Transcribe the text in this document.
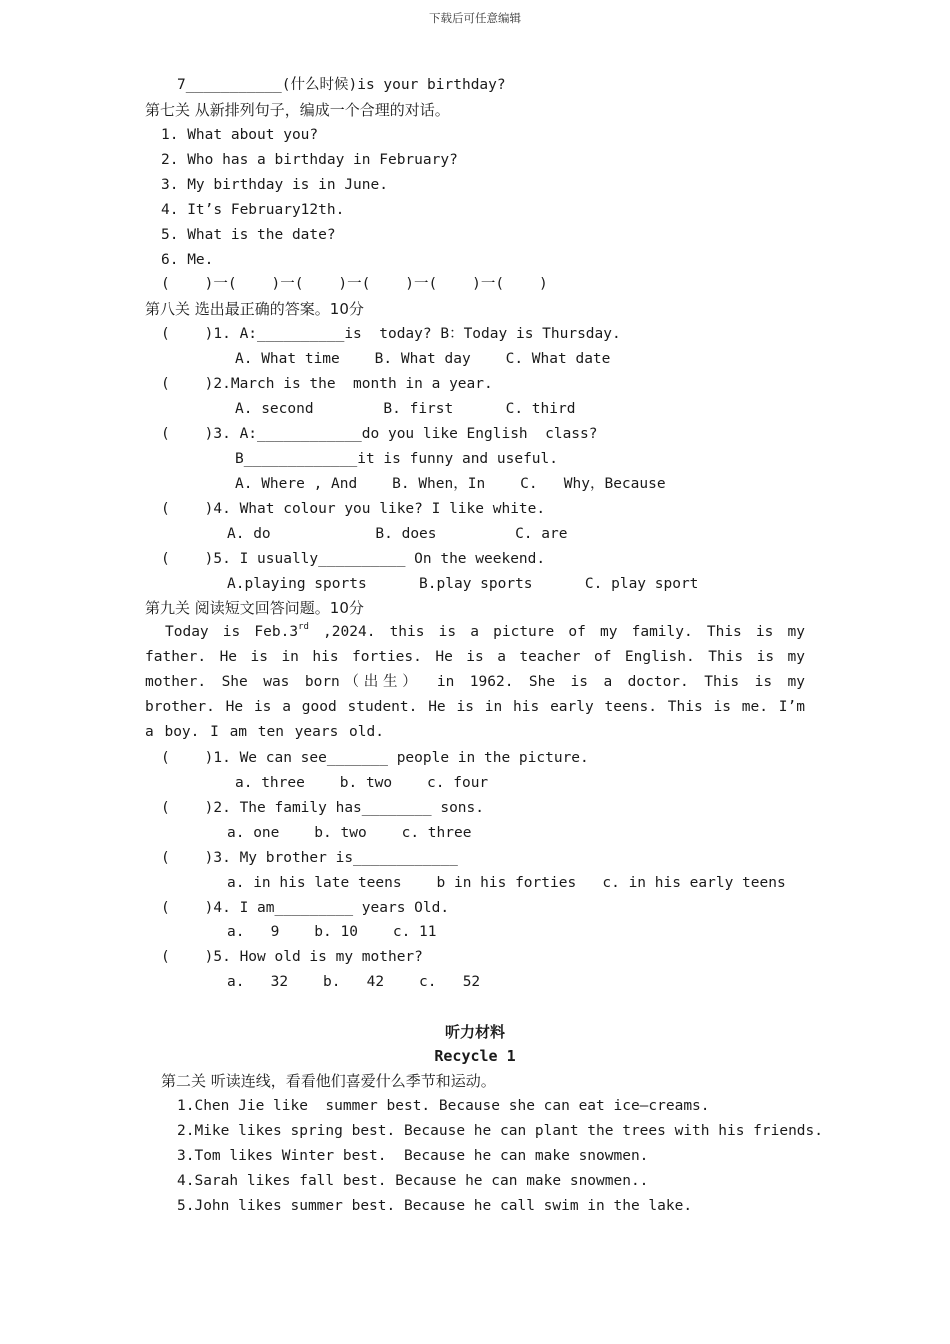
下载后可任意编辑
7___________(什么时候)is your birthday?
第七关 从新排列句子，编成一个合理的对话。
1. What about you?
2. Who has a birthday in February?
3. My birthday is in June.
4. It’s February12th.
5. What is the date?
6. Me.
(    )一(    )一(    )一(    )一(    )一(    )
第八关 选出最正确的答案。10分
(    )1. A:__________is  today? B：Today is Thursday.
A. What time    B. What day    C. What date
(    )2.March is the  month in a year.
A. second        B. first      C. third
(    )3. A:____________do you like English  class?
B_____________it is funny and useful.
A. Where , And    B. When，In    C.   Why，Because
(    )4. What colour you like? I like white.
A. do            B. does         C. are
(    )5. I usually__________ On the weekend.
A.playing sports      B.play sports      C. play sport
第九关 阅读短文回答问题。10分
Today is Feb.3rd ,2024. this is a picture of my family. This is my father. He is in his forties. He is a teacher of English. This is my mother. She was born（出生） in 1962. She is a doctor. This is my brother. He is a good student. He is in his early teens. This is me. I’m a boy. I am ten years old.
(    )1. We can see_______ people in the picture.
a. three    b. two    c. four
(    )2. The family has________ sons.
a. one    b. two    c. three
(    )3. My brother is____________
a. in his late teens    b in his forties   c. in his early teens
(    )4. I am_________ years Old.
a.   9    b. 10    c. 11
(    )5. How old is my mother?
a.   32    b.   42    c.   52
听力材料
Recycle 1
第二关 听读连线，看看他们喜爱什么季节和运动。
1.Chen Jie like  summer best. Because she can eat ice—creams.
2.Mike likes spring best. Because he can plant the trees with his friends.
3.Tom likes Winter best.  Because he can make snowmen.
4.Sarah likes fall best. Because he can make snowmen..
5.John likes summer best. Because he call swim in the lake.
